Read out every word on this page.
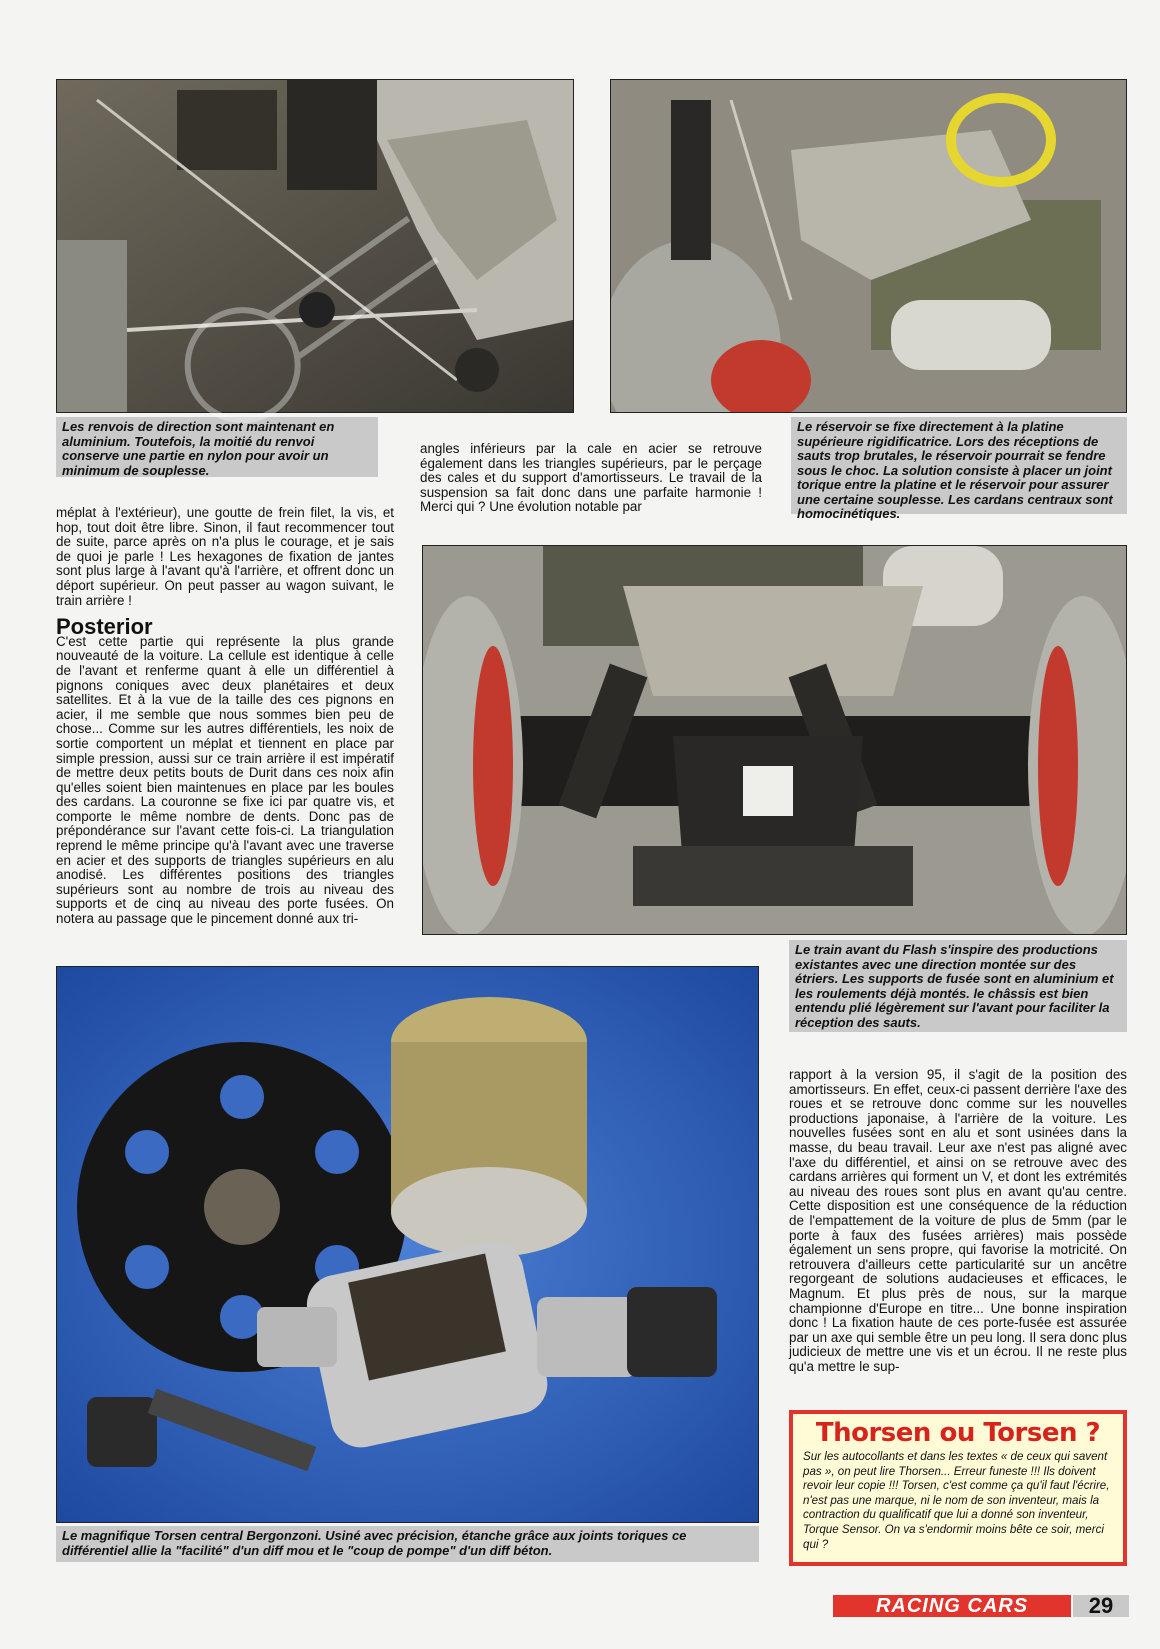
Les renvois de direction sont maintenant en aluminium. Toutefois, la moitié du renvoi conserve une partie en nylon pour avoir un minimum de souplesse.
Le réservoir se fixe directement à la platine supérieure rigidificatrice. Lors des réceptions de sauts trop brutales, le réservoir pourrait se fendre sous le choc. La solution consiste à placer un joint torique entre la platine et le réservoir pour assurer une certaine souplesse. Les cardans centraux sont homocinétiques.

méplat à l'extérieur), une goutte de frein filet, la vis, et hop, tout doit être libre. Sinon, il faut recommencer tout de suite, parce après on n'a plus le courage, et je sais de quoi je parle ! Les hexagones de fixation de jantes sont plus large à l'avant qu'à l'arrière, et offrent donc un déport supérieur. On peut passer au wagon suivant, le train arrière !

Posterior

C'est cette partie qui représente la plus grande nouveauté de la voiture. La cellule est identique à celle de l'avant et renferme quant à elle un différentiel à pignons coniques avec deux planétaires et deux satellites. Et à la vue de la taille des ces pignons en acier, il me semble que nous sommes bien peu de chose... Comme sur les autres différentiels, les noix de sortie comportent un méplat et tiennent en place par simple pression, aussi sur ce train arrière il est impératif de mettre deux petits bouts de Durit dans ces noix afin qu'elles soient bien maintenues en place par les boules des cardans. La couronne se fixe ici par quatre vis, et comporte le même nombre de dents. Donc pas de prépondérance sur l'avant cette fois-ci. La triangulation reprend le même principe qu'à l'avant avec une traverse en acier et des supports de triangles supérieurs en alu anodisé. Les différentes positions des triangles supérieurs sont au nombre de trois au niveau des supports et de cinq au niveau des porte fusées. On notera au passage que le pincement donné aux tri-

angles inférieurs par la cale en acier se retrouve également dans les triangles supérieurs, par le perçage des cales et du support d'amortisseurs. Le travail de la suspension sa fait donc dans une parfaite harmonie ! Merci qui ? Une évolution notable par

Le train avant du Flash s'inspire des productions existantes avec une direction montée sur des étriers. Les supports de fusée sont en aluminium et les roulements déjà montés. le châssis est bien entendu plié légèrement sur l'avant pour faciliter la réception des sauts.
Le magnifique Torsen central Bergonzoni. Usiné avec précision, étanche grâce aux joints toriques ce différentiel allie la "facilité" d'un diff mou et le "coup de pompe" d'un diff béton.

rapport à la version 95, il s'agit de la position des amortisseurs. En effet, ceux-ci passent derrière l'axe des roues et se retrouve donc comme sur les nouvelles productions japonaise, à l'arrière de la voiture. Les nouvelles fusées sont en alu et sont usinées dans la masse, du beau travail. Leur axe n'est pas aligné avec l'axe du différentiel, et ainsi on se retrouve avec des cardans arrières qui forment un V, et dont les extrémités au niveau des roues sont plus en avant qu'au centre. Cette disposition est une conséquence de la réduction de l'empattement de la voiture de plus de 5mm (par le porte à faux des fusées arrières) mais possède également un sens propre, qui favorise la motricité. On retrouvera d'ailleurs cette particularité sur un ancêtre regorgeant de solutions audacieuses et efficaces, le Magnum. Et plus près de nous, sur la marque championne d'Europe en titre... Une bonne inspiration donc ! La fixation haute de ces porte-fusée est assurée par un axe qui semble être un peu long. Il sera donc plus judicieux de mettre une vis et un écrou. Il ne reste plus qu'a mettre le sup-

Thorsen ou Torsen ?
Sur les autocollants et dans les textes « de ceux qui savent pas », on peut lire Thorsen... Erreur funeste !!! Ils doivent revoir leur copie !!! Torsen, c'est comme ça qu'il faut l'écrire, n'est pas une marque, ni le nom de son inventeur, mais la contraction du qualificatif que lui a donné son inventeur, Torque Sensor. On va s'endormir moins bête ce soir, merci qui ?
RACING CARS	29
